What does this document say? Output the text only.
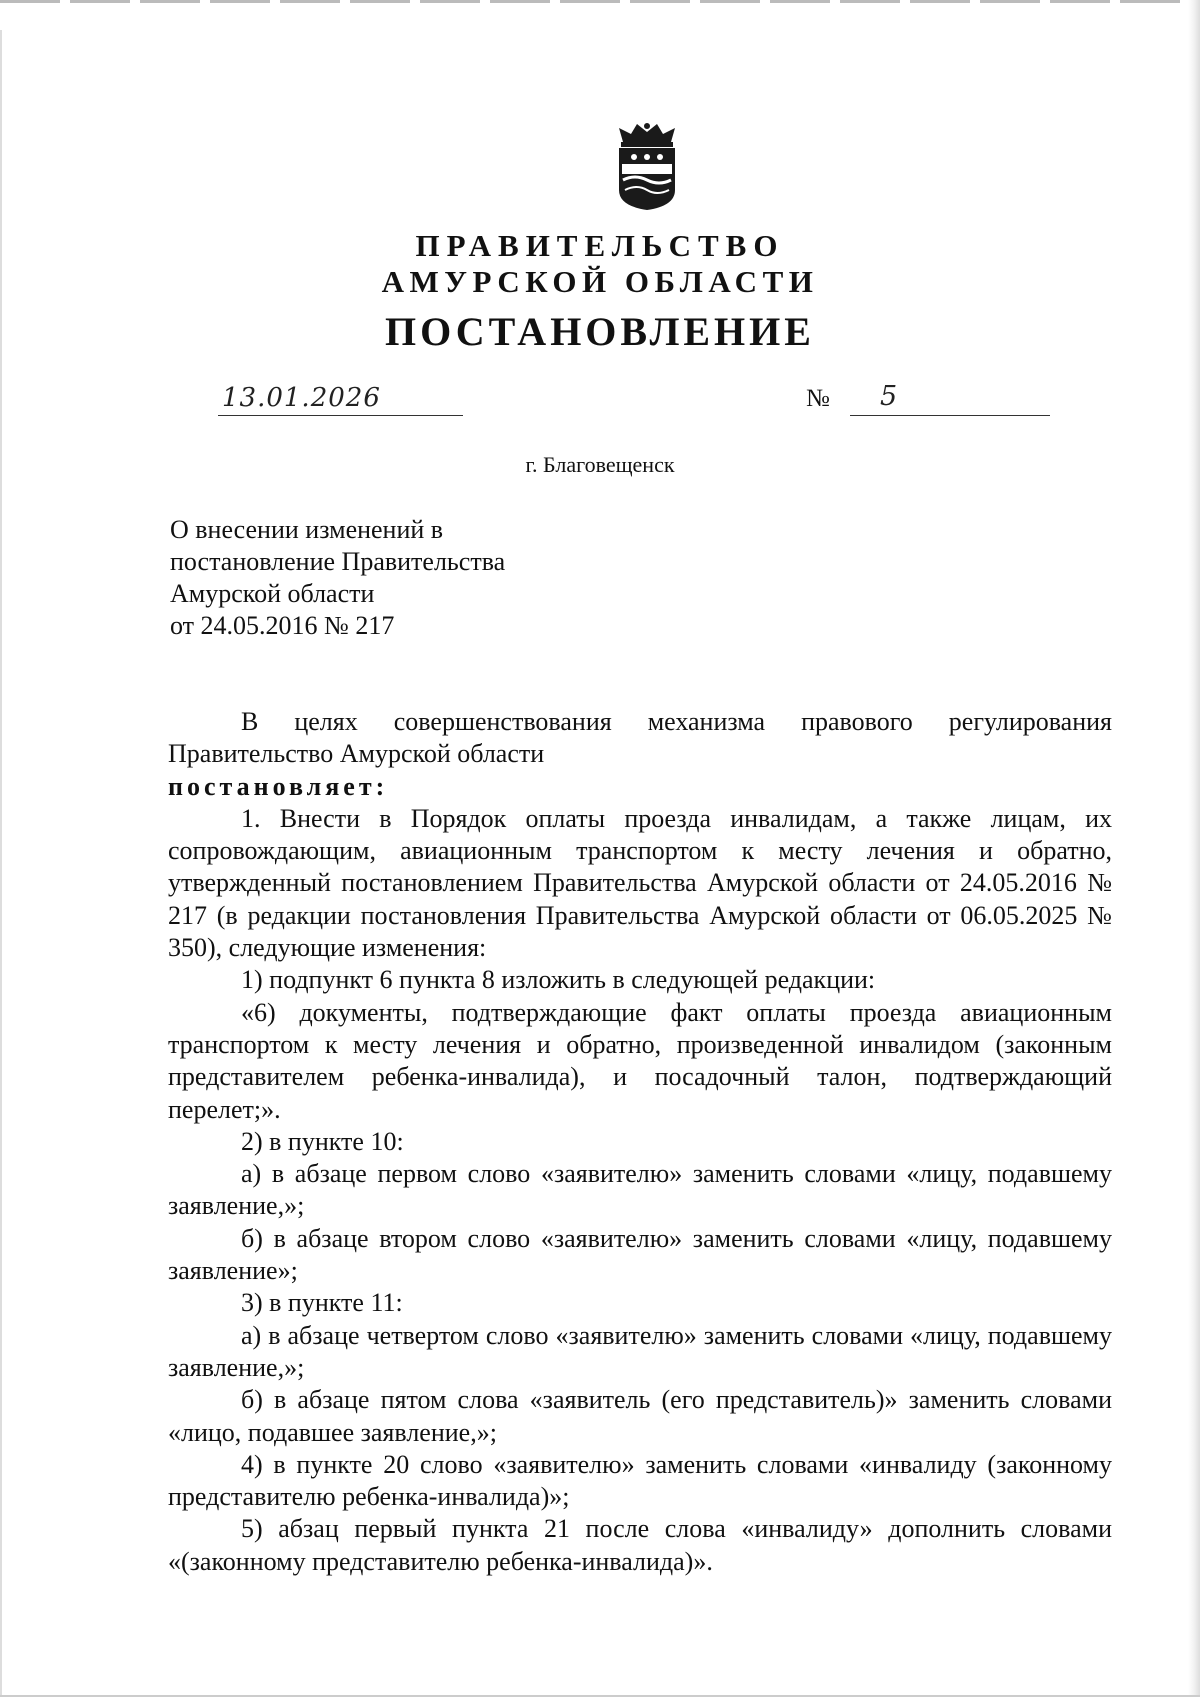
ПРАВИТЕЛЬСТВО
АМУРСКОЙ ОБЛАСТИ
ПОСТАНОВЛЕНИЕ
13.01.2026	№ 5
г. Благовещенск
О внесении изменений в
постановление Правительства
Амурской области
от 24.05.2016 № 217

В целях совершенствования механизма правового регулирования Правительство Амурской области

постановляет:

1. Внести в Порядок оплаты проезда инвалидам, а также лицам, их сопровождающим, авиационным транспортом к месту лечения и обратно, утвержденный постановлением Правительства Амурской области от 24.05.2016 № 217 (в редакции постановления Правительства Амурской области от 06.05.2025 № 350), следующие изменения:

1) подпункт 6 пункта 8 изложить в следующей редакции:

«6) документы, подтверждающие факт оплаты проезда авиационным транспортом к месту лечения и обратно, произведенной инвалидом (законным представителем ребенка-инвалида), и посадочный талон, подтверждающий перелет;».

2) в пункте 10:

а) в абзаце первом слово «заявителю» заменить словами «лицу, подавшему заявление,»;

б) в абзаце втором слово «заявителю» заменить словами «лицу, подавшему заявление»;

3) в пункте 11:

а) в абзаце четвертом слово «заявителю» заменить словами «лицу, подавшему заявление,»;

б) в абзаце пятом слова «заявитель (его представитель)» заменить словами «лицо, подавшее заявление,»;

4) в пункте 20 слово «заявителю» заменить словами «инвалиду (законному представителю ребенка-инвалида)»;

5) абзац первый пункта 21 после слова «инвалиду» дополнить словами «(законному представителю ребенка-инвалида)».
